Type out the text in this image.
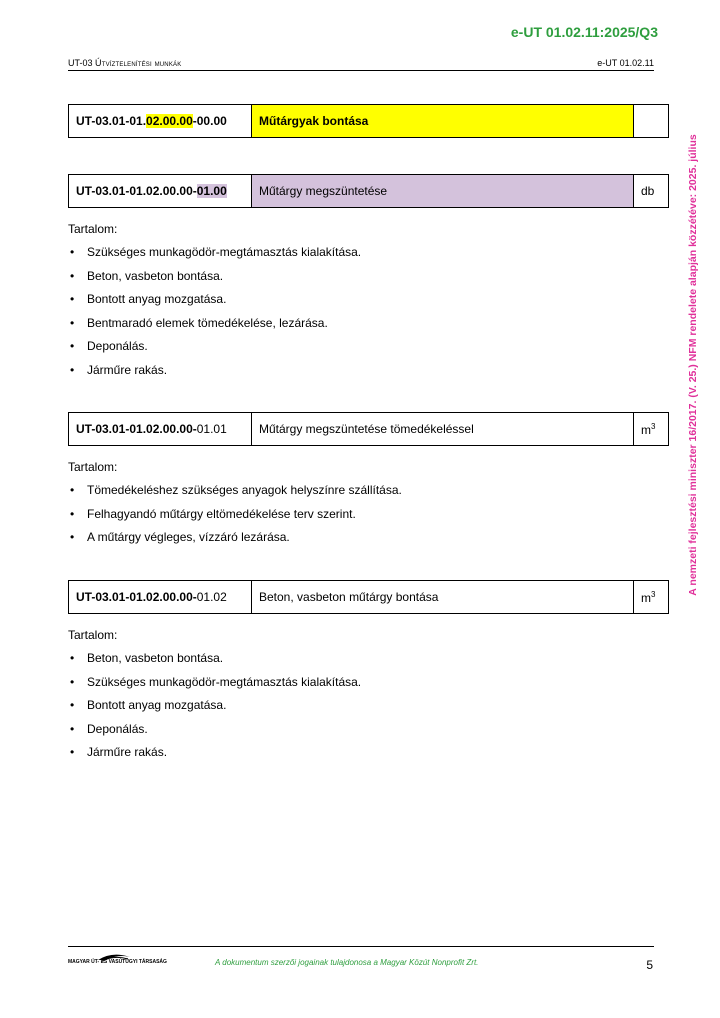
e-UT 01.02.11:2025/Q3
UT-03 Útvíztelenítési munkák	e-UT 01.02.11
A nemzeti fejlesztési miniszter 16/2017. (V. 25.) NFM rendelete alapján közzétéve: 2025. július
UT-03.01-01.02.00.00-00.00	Műtárgyak bontása	
UT-03.01-01.02.00.00-01.00	Műtárgy megszüntetése	db

Tartalom:

• Szükséges munkagödör-megtámasztás kialakítása.
• Beton, vasbeton bontása.
• Bontott anyag mozgatása.
• Bentmaradó elemek tömedékelése, lezárása.
• Deponálás.
• Járműre rakás.
UT-03.01-01.02.00.00-01.01	Műtárgy megszüntetése tömedékeléssel	$m^3$

Tartalom:

• Tömedékeléshez szükséges anyagok helyszínre szállítása.
• Felhagyandó műtárgy eltömedékelése terv szerint.
• A műtárgy végleges, vízzáró lezárása.
UT-03.01-01.02.00.00-01.02	Beton, vasbeton műtárgy bontása	$m^3$

Tartalom:

• Beton, vasbeton bontása.
• Szükséges munkagödör-megtámasztás kialakítása.
• Bontott anyag mozgatása.
• Deponálás.
• Járműre rakás.
MAGYAR ÚT- ÉS VASÚTÜGYI TÁRSASÁG	A dokumentum szerzői jogainak tulajdonosa a Magyar Közút Nonprofit Zrt.	5
